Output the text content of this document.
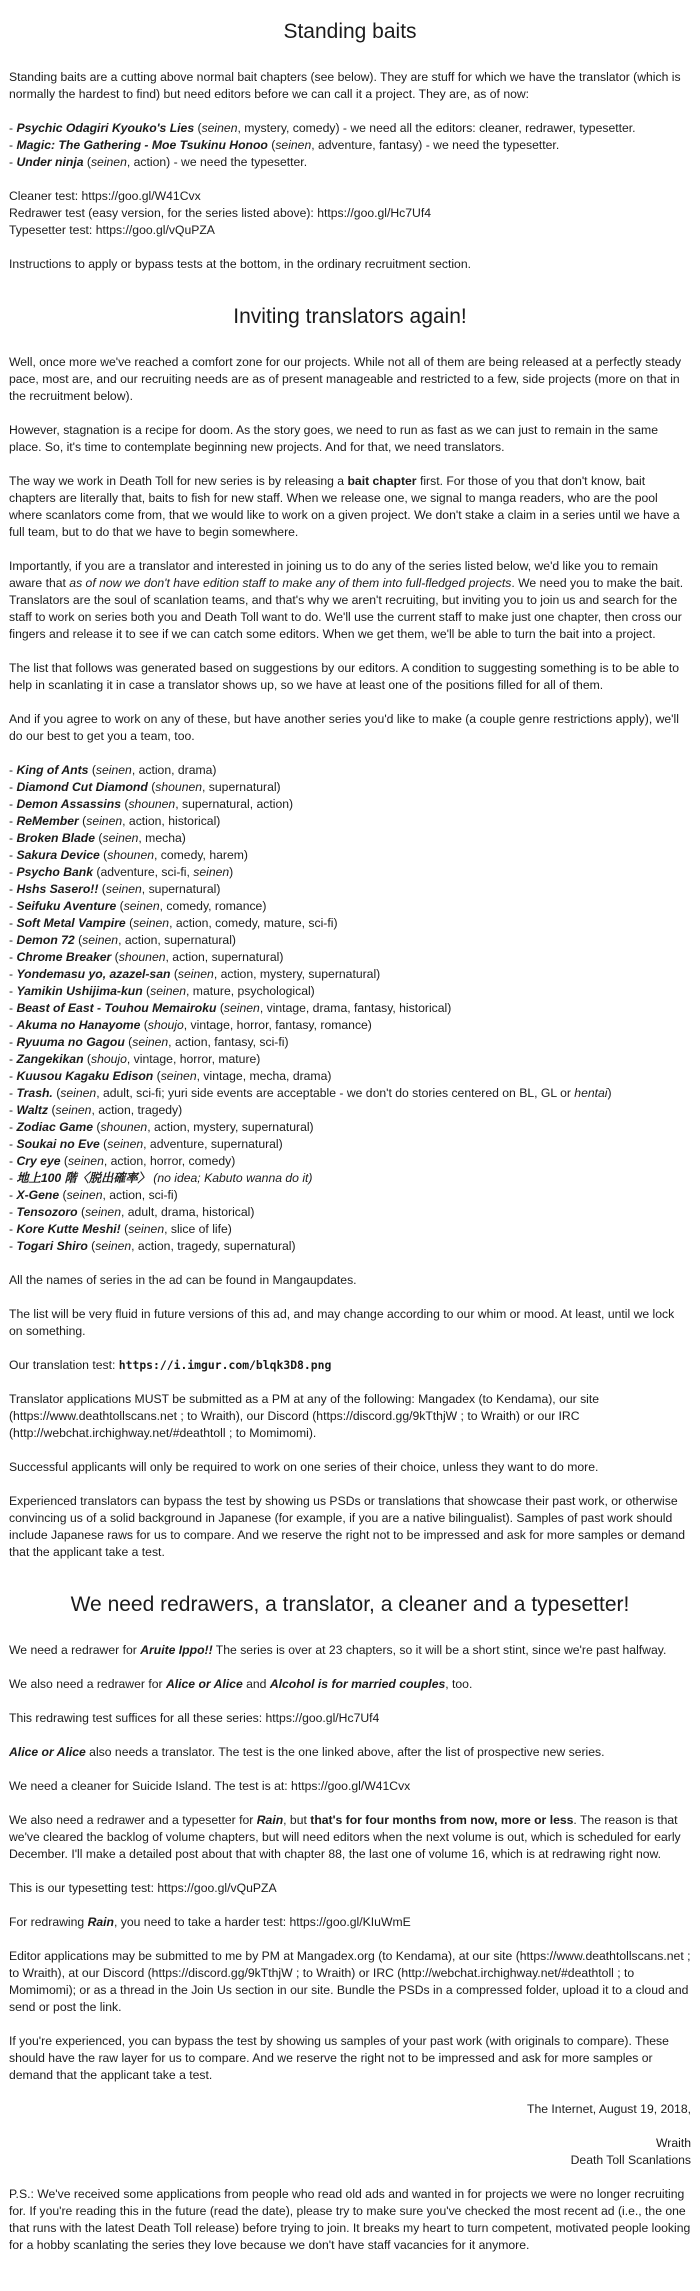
Standing baits

Standing baits are a cutting above normal bait chapters (see below). They are stuff for which we have the translator (which is normally the hardest to find) but need editors before we can call it a project. They are, as of now:

- Psychic Odagiri Kyouko's Lies (seinen, mystery, comedy) - we need all the editors: cleaner, redrawer, typesetter.

- Magic: The Gathering - Moe Tsukinu Honoo (seinen, adventure, fantasy) - we need the typesetter.

- Under ninja (seinen, action) - we need the typesetter.

Cleaner test: https://goo.gl/W41Cvx
Redrawer test (easy version, for the series listed above): https://goo.gl/Hc7Uf4
Typesetter test: https://goo.gl/vQuPZA

Instructions to apply or bypass tests at the bottom, in the ordinary recruitment section.

Inviting translators again!

Well, once more we've reached a comfort zone for our projects. While not all of them are being released at a perfectly steady pace, most are, and our recruiting needs are as of present manageable and restricted to a few, side projects (more on that in the recruitment below).

However, stagnation is a recipe for doom. As the story goes, we need to run as fast as we can just to remain in the same place. So, it's time to contemplate beginning new projects. And for that, we need translators.

The way we work in Death Toll for new series is by releasing a bait chapter first. For those of you that don't know, bait chapters are literally that, baits to fish for new staff. When we release one, we signal to manga readers, who are the pool where scanlators come from, that we would like to work on a given project. We don't stake a claim in a series until we have a full team, but to do that we have to begin somewhere.

Importantly, if you are a translator and interested in joining us to do any of the series listed below, we'd like you to remain aware that as of now we don't have edition staff to make any of them into full-fledged projects. We need you to make the bait. Translators are the soul of scanlation teams, and that's why we aren't recruiting, but inviting you to join us and search for the staff to work on series both you and Death Toll want to do. We'll use the current staff to make just one chapter, then cross our fingers and release it to see if we can catch some editors. When we get them, we'll be able to turn the bait into a project.

The list that follows was generated based on suggestions by our editors. A condition to suggesting something is to be able to help in scanlating it in case a translator shows up, so we have at least one of the positions filled for all of them.

And if you agree to work on any of these, but have another series you'd like to make (a couple genre restrictions apply), we'll do our best to get you a team, too.

- King of Ants (seinen, action, drama)

- Diamond Cut Diamond (shounen, supernatural)

- Demon Assassins (shounen, supernatural, action)

- ReMember (seinen, action, historical)

- Broken Blade (seinen, mecha)

- Sakura Device (shounen, comedy, harem)

- Psycho Bank (adventure, sci-fi, seinen)

- Hshs Sasero!! (seinen, supernatural)

- Seifuku Aventure (seinen, comedy, romance)

- Soft Metal Vampire (seinen, action, comedy, mature, sci-fi)

- Demon 72 (seinen, action, supernatural)

- Chrome Breaker (shounen, action, supernatural)

- Yondemasu yo, azazel-san (seinen, action, mystery, supernatural)

- Yamikin Ushijima-kun (seinen, mature, psychological)

- Beast of East - Touhou Memairoku (seinen, vintage, drama, fantasy, historical)

- Akuma no Hanayome (shoujo, vintage, horror, fantasy, romance)

- Ryuuma no Gagou (seinen, action, fantasy, sci-fi)

- Zangekikan (shoujo, vintage, horror, mature)

- Kuusou Kagaku Edison (seinen, vintage, mecha, drama)

- Trash. (seinen, adult, sci-fi; yuri side events are acceptable - we don't do stories centered on BL, GL or hentai)

- Waltz (seinen, action, tragedy)

- Zodiac Game (shounen, action, mystery, supernatural)

- Soukai no Eve (seinen, adventure, supernatural)

- Cry eye (seinen, action, horror, comedy)

- 地上100 階〈脱出確率〉 (no idea; Kabuto wanna do it)

- X-Gene (seinen, action, sci-fi)

- Tensozoro (seinen, adult, drama, historical)

- Kore Kutte Meshi! (seinen, slice of life)

- Togari Shiro (seinen, action, tragedy, supernatural)

All the names of series in the ad can be found in Mangaupdates.

The list will be very fluid in future versions of this ad, and may change according to our whim or mood. At least, until we lock on something.

Our translation test: https://i.imgur.com/blqk3D8.png

Translator applications MUST be submitted as a PM at any of the following: Mangadex (to Kendama), our site (https://www.deathtollscans.net ; to Wraith), our Discord (https://discord.gg/9kTthjW ; to Wraith) or our IRC (http://webchat.irchighway.net/#deathtoll ; to Momimomi).

Successful applicants will only be required to work on one series of their choice, unless they want to do more.

Experienced translators can bypass the test by showing us PSDs or translations that showcase their past work, or otherwise convincing us of a solid background in Japanese (for example, if you are a native bilingualist). Samples of past work should include Japanese raws for us to compare. And we reserve the right not to be impressed and ask for more samples or demand that the applicant take a test.

We need redrawers, a translator, a cleaner and a typesetter!

We need a redrawer for Aruite Ippo!! The series is over at 23 chapters, so it will be a short stint, since we're past halfway.

We also need a redrawer for Alice or Alice and Alcohol is for married couples, too.

This redrawing test suffices for all these series: https://goo.gl/Hc7Uf4

Alice or Alice also needs a translator. The test is the one linked above, after the list of prospective new series.

We need a cleaner for Suicide Island. The test is at: https://goo.gl/W41Cvx

We also need a redrawer and a typesetter for Rain, but that's for four months from now, more or less. The reason is that we've cleared the backlog of volume chapters, but will need editors when the next volume is out, which is scheduled for early December. I'll make a detailed post about that with chapter 88, the last one of volume 16, which is at redrawing right now.

This is our typesetting test: https://goo.gl/vQuPZA

For redrawing Rain, you need to take a harder test: https://goo.gl/KIuWmE

Editor applications may be submitted to me by PM at Mangadex.org (to Kendama), at our site (https://www.deathtollscans.net ; to Wraith), at our Discord (https://discord.gg/9kTthjW ; to Wraith) or IRC (http://webchat.irchighway.net/#deathtoll ; to Momimomi); or as a thread in the Join Us section in our site. Bundle the PSDs in a compressed folder, upload it to a cloud and send or post the link.

If you're experienced, you can bypass the test by showing us samples of your past work (with originals to compare). These should have the raw layer for us to compare. And we reserve the right not to be impressed and ask for more samples or demand that the applicant take a test.

The Internet, August 19, 2018,

Wraith
Death Toll Scanlations

P.S.: We've received some applications from people who read old ads and wanted in for projects we were no longer recruiting for. If you're reading this in the future (read the date), please try to make sure you've checked the most recent ad (i.e., the one that runs with the latest Death Toll release) before trying to join. It breaks my heart to turn competent, motivated people looking for a hobby scanlating the series they love because we don't have staff vacancies for it anymore.
